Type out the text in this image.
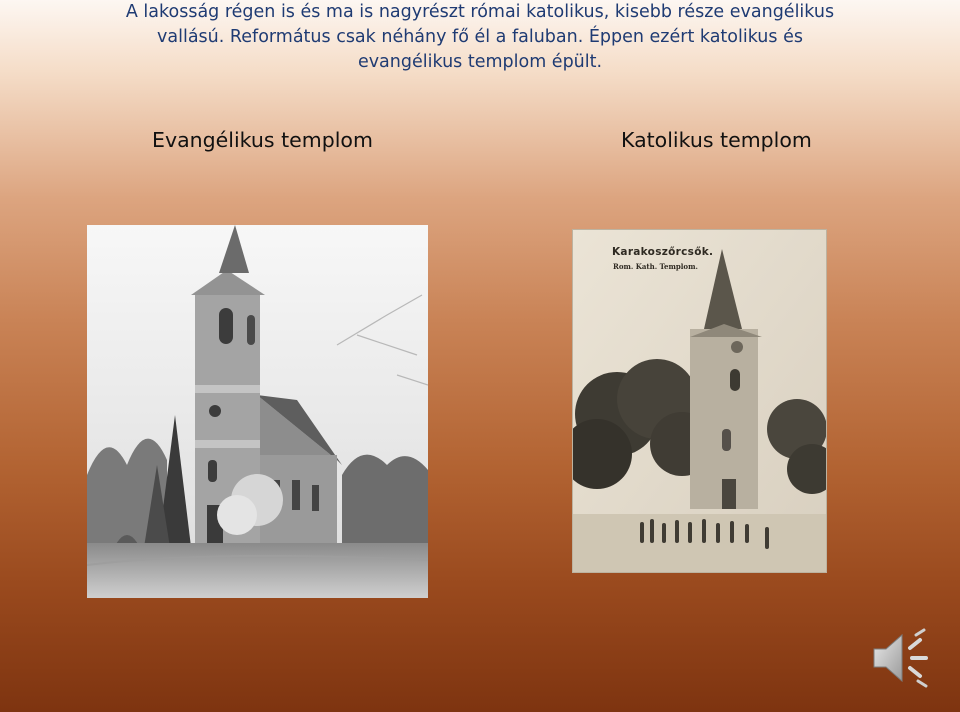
A lakosság régen is és ma is nagyrészt római katolikus, kisebb része evangélikus
vallású. Református csak néhány fő él a faluban. Éppen ezért katolikus és
evangélikus templom épült.

Evangélikus templom	Katolikus templom

Karakoszőrcsők.
Rom. Kath. Templom.
